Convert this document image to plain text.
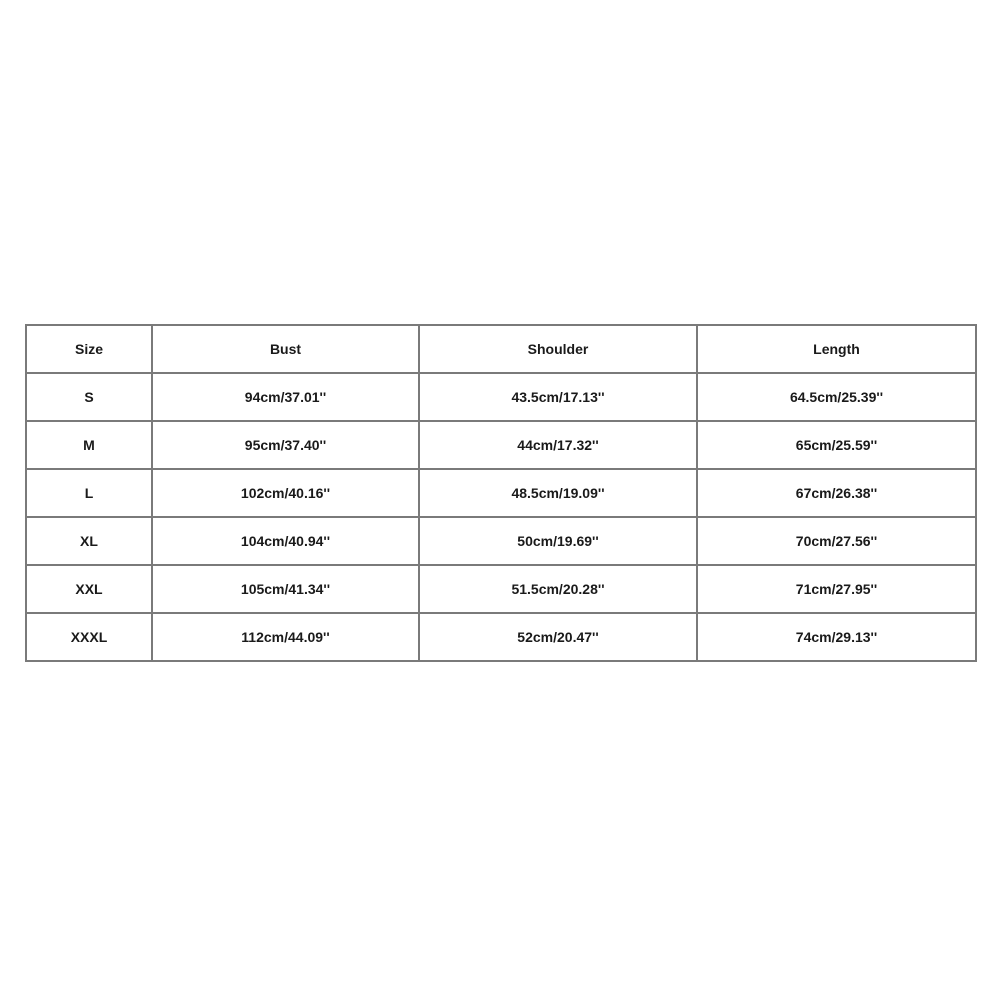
Size	Bust	Shoulder	Length
S	94cm/37.01''	43.5cm/17.13''	64.5cm/25.39''
M	95cm/37.40''	44cm/17.32''	65cm/25.59''
L	102cm/40.16''	48.5cm/19.09''	67cm/26.38''
XL	104cm/40.94''	50cm/19.69''	70cm/27.56''
XXL	105cm/41.34''	51.5cm/20.28''	71cm/27.95''
XXXL	112cm/44.09''	52cm/20.47''	74cm/29.13''
